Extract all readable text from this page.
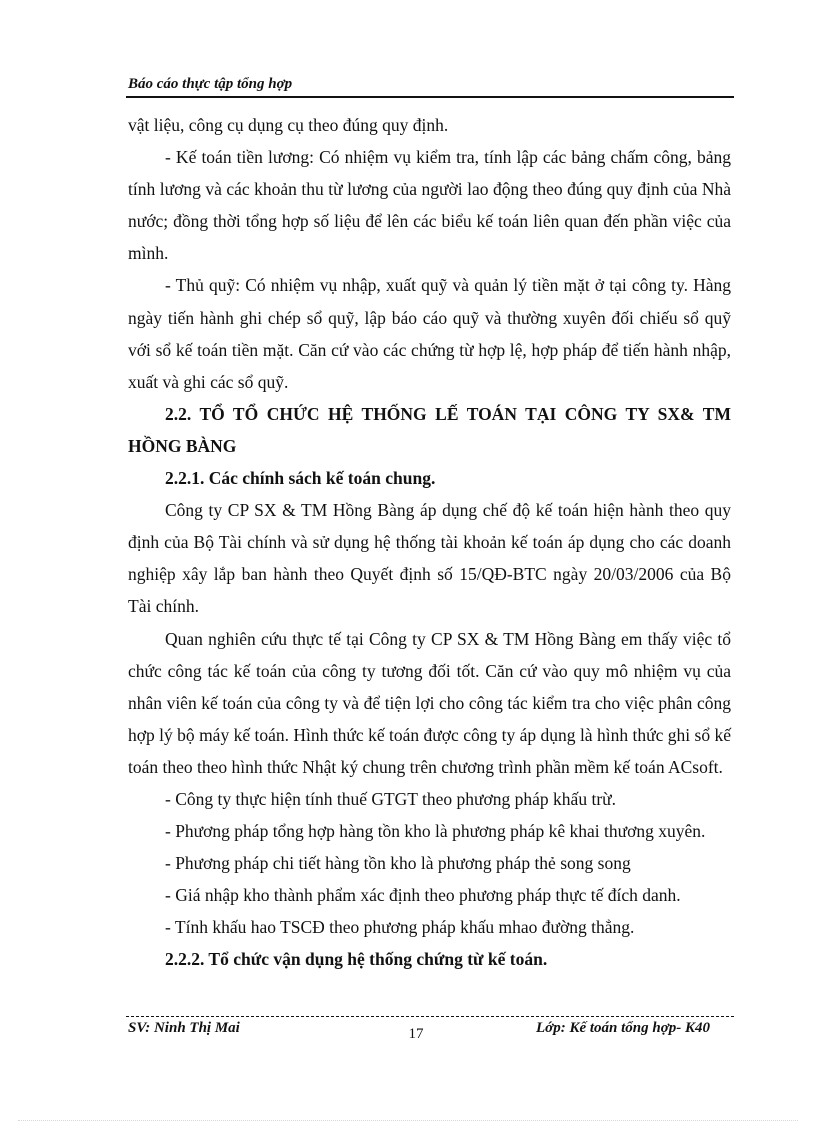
Báo cáo thực tập tổng hợp

vật liệu, công cụ dụng cụ theo đúng quy định.

- Kế toán tiền lương: Có nhiệm vụ kiểm tra, tính lập các bảng chấm công, bảng tính lương và các khoản thu từ lương của người lao động theo đúng quy định của Nhà nước; đồng thời tổng hợp số liệu để lên các biểu kế toán liên quan đến phần việc của mình.

- Thủ quỹ: Có nhiệm vụ nhập, xuất quỹ và quản lý tiền mặt ở tại công ty. Hàng ngày tiến hành ghi chép sổ quỹ, lập báo cáo quỹ và thường xuyên đối chiếu sổ quỹ với sổ kế toán tiền mặt. Căn cứ vào các chứng từ hợp lệ, hợp pháp để tiến hành nhập, xuất và ghi các sổ quỹ.

2.2. TỔ TỔ CHỨC HỆ THỐNG LẾ TOÁN TẠI CÔNG TY SX& TM HỒNG BÀNG

2.2.1. Các chính sách kế toán chung.

Công ty CP SX & TM Hồng Bàng áp dụng chế độ kế toán hiện hành theo quy định của Bộ Tài chính và sử dụng hệ thống tài khoản kế toán áp dụng cho các doanh nghiệp xây lắp ban hành theo Quyết định số 15/QĐ-BTC ngày 20/03/2006 của Bộ Tài chính.

Quan nghiên cứu thực tế tại Công ty CP SX & TM Hồng Bàng em thấy việc tổ chức công tác kế toán của công ty tương đối tốt. Căn cứ vào quy mô nhiệm vụ của nhân viên kế toán của công ty và để tiện lợi cho công tác kiểm tra cho việc phân công hợp lý bộ máy kế toán. Hình thức kế toán được công ty áp dụng là hình thức ghi sổ kế toán theo theo hình thức Nhật ký chung trên chương trình phần mềm kế toán ACsoft.

- Công ty thực hiện tính thuế GTGT theo phương pháp khấu trừ.

- Phương pháp tổng hợp hàng tồn kho là phương pháp kê khai thương xuyên.

- Phương pháp chi tiết hàng tồn kho là phương pháp thẻ song song

- Giá nhập kho thành phẩm xác định theo phương pháp thực tế đích danh.

- Tính khấu hao TSCĐ theo phương pháp khấu mhao đường thẳng.

2.2.2. Tổ chức vận dụng hệ thống chứng từ kế toán.

SV: Ninh Thị Mai	17	Lớp: Kế toán tổng hợp- K40
